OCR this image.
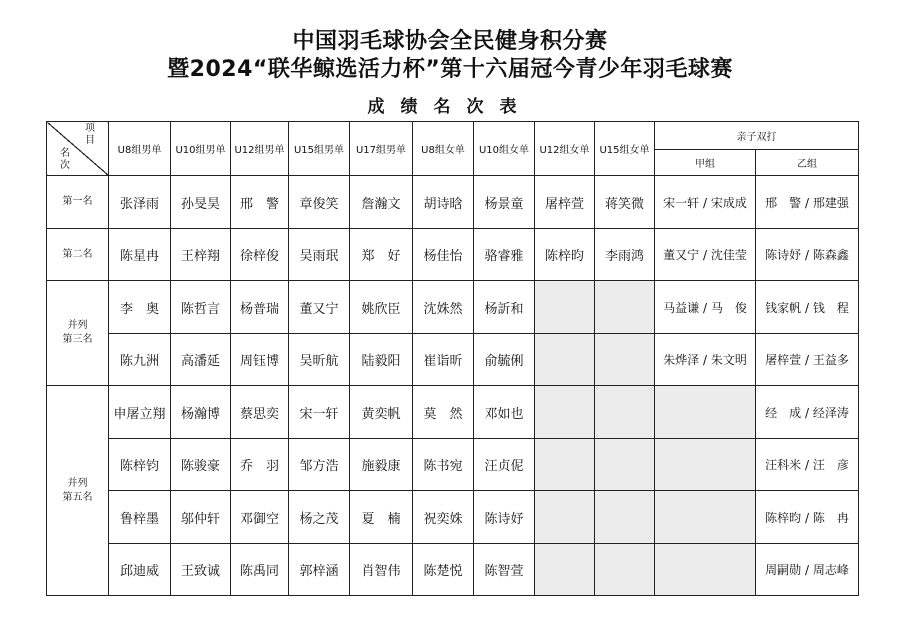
中国羽毛球协会全民健身积分赛
暨2024“联华鲸选活力杯”第十六届冠今青少年羽毛球赛
成绩名次表
项目
名次	U8组男单	U10组男单	U12组男单	U15组男单	U17组男单	U8组女单	U10组女单	U12组女单	U15组女单	亲子双打	
										甲组	乙组
第一名	张泽雨	孙旻昊	邢　警	章俊笑	詹瀚文	胡诗晗	杨景童	屠梓萱	蒋笑微	宋一轩 / 宋成成	邢　警 / 邢建强
第二名	陈星冉	王梓翔	徐梓俊	吴雨珉	郑　好	杨佳怡	骆睿雅	陈梓昀	李雨鸿	董又宁 / 沈佳莹	陈诗妤 / 陈森鑫
并列
第三名	李　奥	陈哲言	杨普瑞	董又宁	姚欣臣	沈姝然	杨訢和			马益谦 / 马　俊	钱家帆 / 钱　程
	陈九洲	高潘延	周钰博	吴昕航	陆毅阳	崔诣昕	俞毓俐			朱烨泽 / 朱文明	屠梓萱 / 王益多
并列
第五名	申屠立翔	杨瀚博	蔡思奕	宋一轩	黄奕帆	莫　然	邓如也				经　成 / 经泽涛
	陈梓钧	陈骏豪	乔　羽	邹方浩	施毅康	陈书宛	汪贞伲				汪科米 / 汪　彦
	鲁梓墨	邬仲轩	邓御空	杨之茂	夏　楠	祝奕姝	陈诗妤				陈梓昀 / 陈　冉
	邱迪威	王致诚	陈禹同	郭梓涵	肖智伟	陈楚悦	陈智萱				周嗣勋 / 周志峰
